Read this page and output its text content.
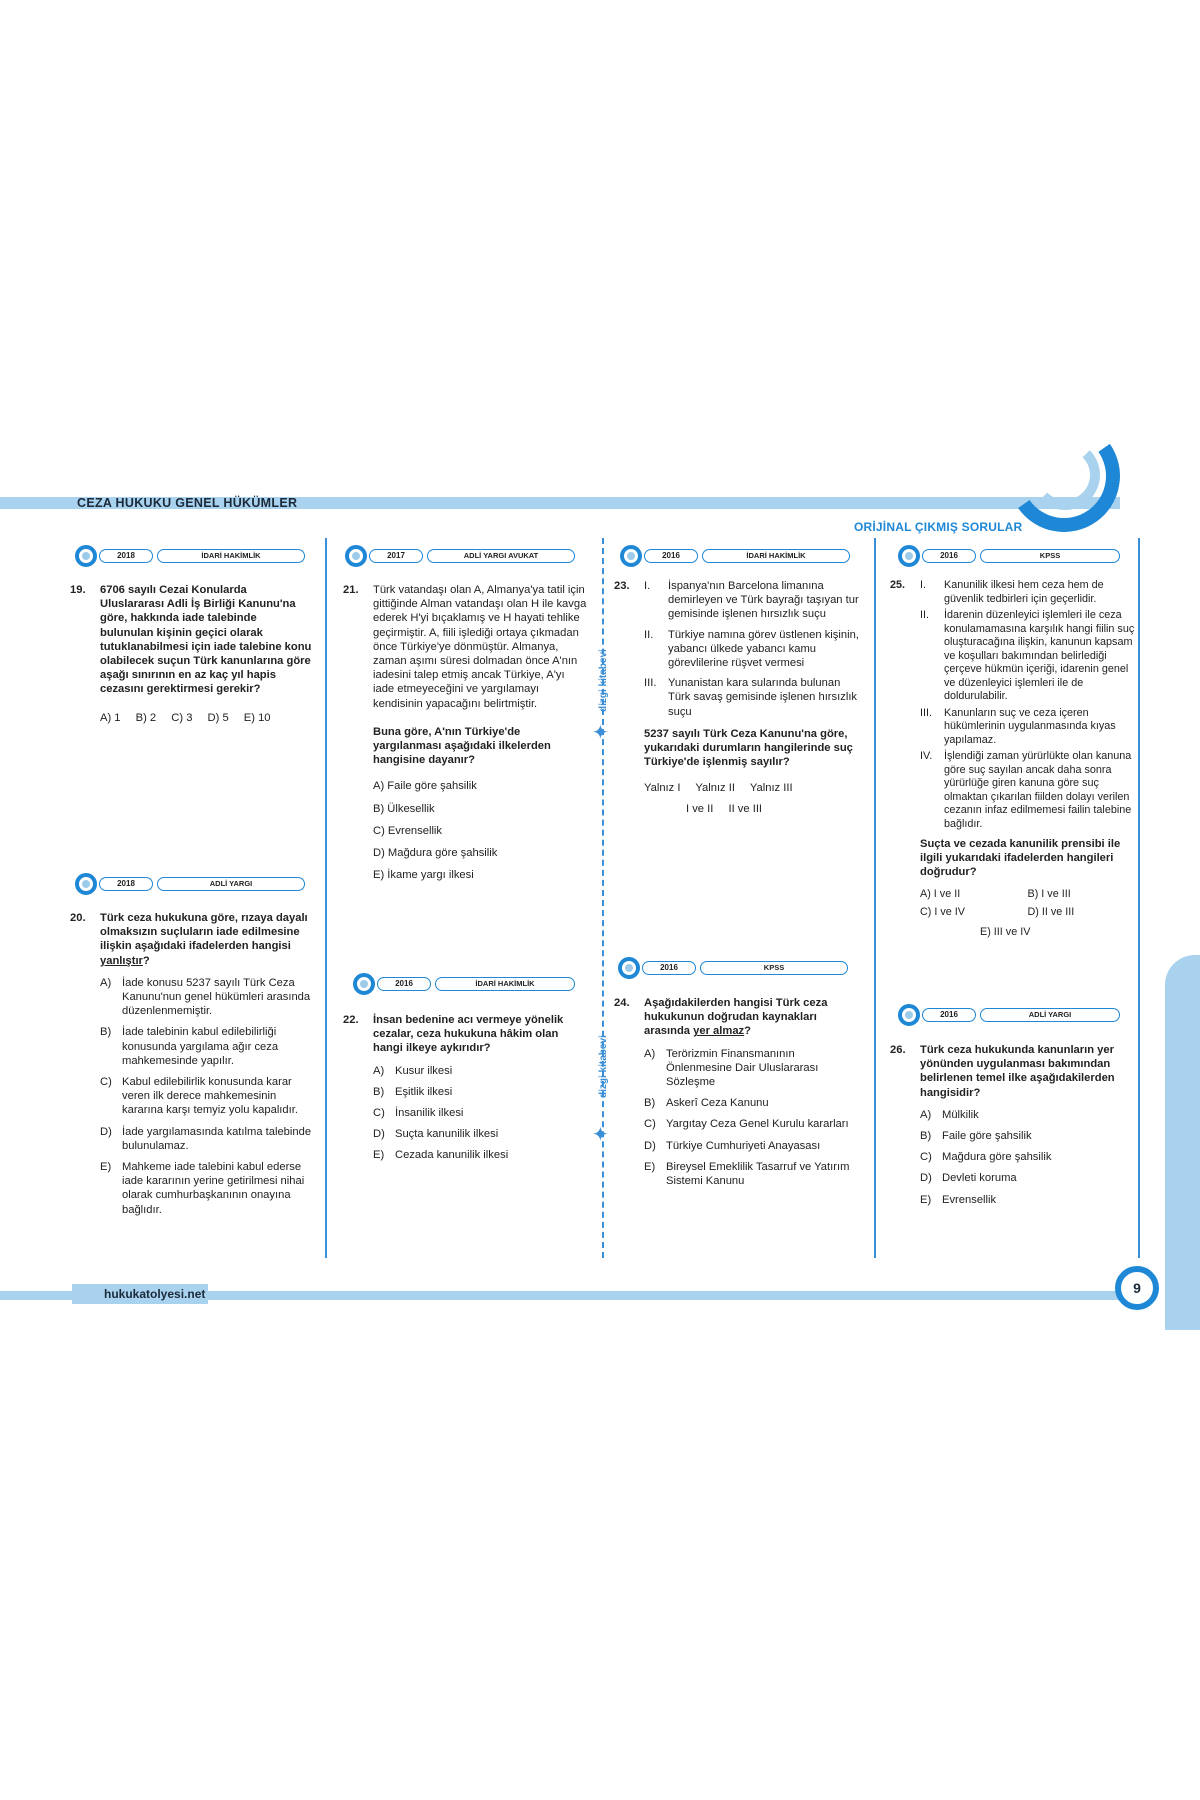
CEZA HUKUKU GENEL HÜKÜMLER
ORİJİNAL ÇIKMIŞ SORULAR
dizgi kitabevi
✦
dizgi kitabevi
✦
2018	İDARİ HAKİMLİK
19. 6706 sayılı Cezai Konularda Uluslararası Adli İş Birliği Kanunu'na göre, hakkında iade talebinde bulunulan kişinin geçici olarak tutuklanabilmesi için iade talebine konu olabilecek suçun Türk kanunlarına göre aşağı sınırının en az kaç yıl hapis cezasını gerektirmesi gerekir?

A) 1 B) 2 C) 3 D) 5 E) 10
2018	ADLİ YARGI
20. Türk ceza hukukuna göre, rızaya dayalı olmaksızın suçluların iade edilmesine ilişkin aşağıdaki ifadelerden hangisi yanlıştır?

A) İade konusu 5237 sayılı Türk Ceza Kanunu'nun genel hükümleri arasında düzenlenmemiştir.
B) İade talebinin kabul edilebilirliği konusunda yargılama ağır ceza mahkemesinde yapılır.
C) Kabul edilebilirlik konusunda karar veren ilk derece mahkemesinin kararına karşı temyiz yolu kapalıdır.
D) İade yargılamasında katılma talebinde bulunulamaz.
E) Mahkeme iade talebini kabul ederse iade kararının yerine getirilmesi nihai olarak cumhurbaşkanının onayına bağlıdır.
2017	ADLİ YARGI AVUKAT
21. Türk vatandaşı olan A, Almanya'ya tatil için gittiğinde Alman vatandaşı olan H ile kavga ederek H'yi bıçaklamış ve H hayati tehlike geçirmiştir. A, fiili işlediği ortaya çıkmadan önce Türkiye'ye dönmüştür. Almanya, zaman aşımı süresi dolmadan önce A'nın iadesini talep etmiş ancak Türkiye, A'yı iade etmeyeceğini ve yargılamayı kendisinin yapacağını belirtmiştir.

Buna göre, A'nın Türkiye'de yargılanması aşağıdaki ilkelerden hangisine dayanır?

A) Faile göre şahsilik
B) Ülkesellik
C) Evrensellik
D) Mağdura göre şahsilik
E) İkame yargı ilkesi
2016	İDARİ HAKİMLİK
22. İnsan bedenine acı vermeye yönelik cezalar, ceza hukukuna hâkim olan hangi ilkeye aykırıdır?

A) Kusur ilkesi
B) Eşitlik ilkesi
C) İnsanilik ilkesi
D) Suçta kanunilik ilkesi
E) Cezada kanunilik ilkesi
2016	İDARİ HAKİMLİK
23. I.	İspanya'nın Barcelona limanına demirleyen ve Türk bayrağı taşıyan tur gemisinde işlenen hırsızlık suçu
II.	Türkiye namına görev üstlenen kişinin, yabancı ülkede yabancı kamu görevlilerine rüşvet vermesi
III.	Yunanistan kara sularında bulunan Türk savaş gemisinde işlenen hırsızlık suçu

5237 sayılı Türk Ceza Kanunu'na göre, yukarıdaki durumların hangilerinde suç Türkiye'de işlenmiş sayılır?

Yalnız I Yalnız II Yalnız III
I ve II II ve III
2016	KPSS
24. Aşağıdakilerden hangisi Türk ceza hukukunun doğrudan kaynakları arasında yer almaz?

A) Terörizmin Finansmanının Önlenmesine Dair Uluslararası Sözleşme
B) Askerî Ceza Kanunu
C) Yargıtay Ceza Genel Kurulu kararları
D) Türkiye Cumhuriyeti Anayasası
E) Bireysel Emeklilik Tasarruf ve Yatırım Sistemi Kanunu
2016	KPSS
25. I.	Kanunilik ilkesi hem ceza hem de güvenlik tedbirleri için geçerlidir.
II.	İdarenin düzenleyici işlemleri ile ceza konulamamasına karşılık hangi fiilin suç oluşturacağına ilişkin, kanunun kapsam ve koşulları bakımından belirlediği çerçeve hükmün içeriği, idarenin genel ve düzenleyici işlemleri ile de doldurulabilir.
III.	Kanunların suç ve ceza içeren hükümlerinin uygulanmasında kıyas yapılamaz.
IV.	İşlendiği zaman yürürlükte olan kanuna göre suç sayılan ancak daha sonra yürürlüğe giren kanuna göre suç olmaktan çıkarılan fiilden dolayı verilen cezanın infaz edilmemesi failin talebine bağlıdır.

Suçta ve cezada kanunilik prensibi ile ilgili yukarıdaki ifadelerden hangileri doğrudur?

A) I ve II	B) I ve III
C) I ve IV	D) II ve III
E) III ve IV
2016	ADLİ YARGI
26. Türk ceza hukukunda kanunların yer yönünden uygulanması bakımından belirlenen temel ilke aşağıdakilerden hangisidir?

A) Mülkilik
B) Faile göre şahsilik
C) Mağdura göre şahsilik
D) Devleti koruma
E) Evrensellik
hukukatolyesi.net	9
